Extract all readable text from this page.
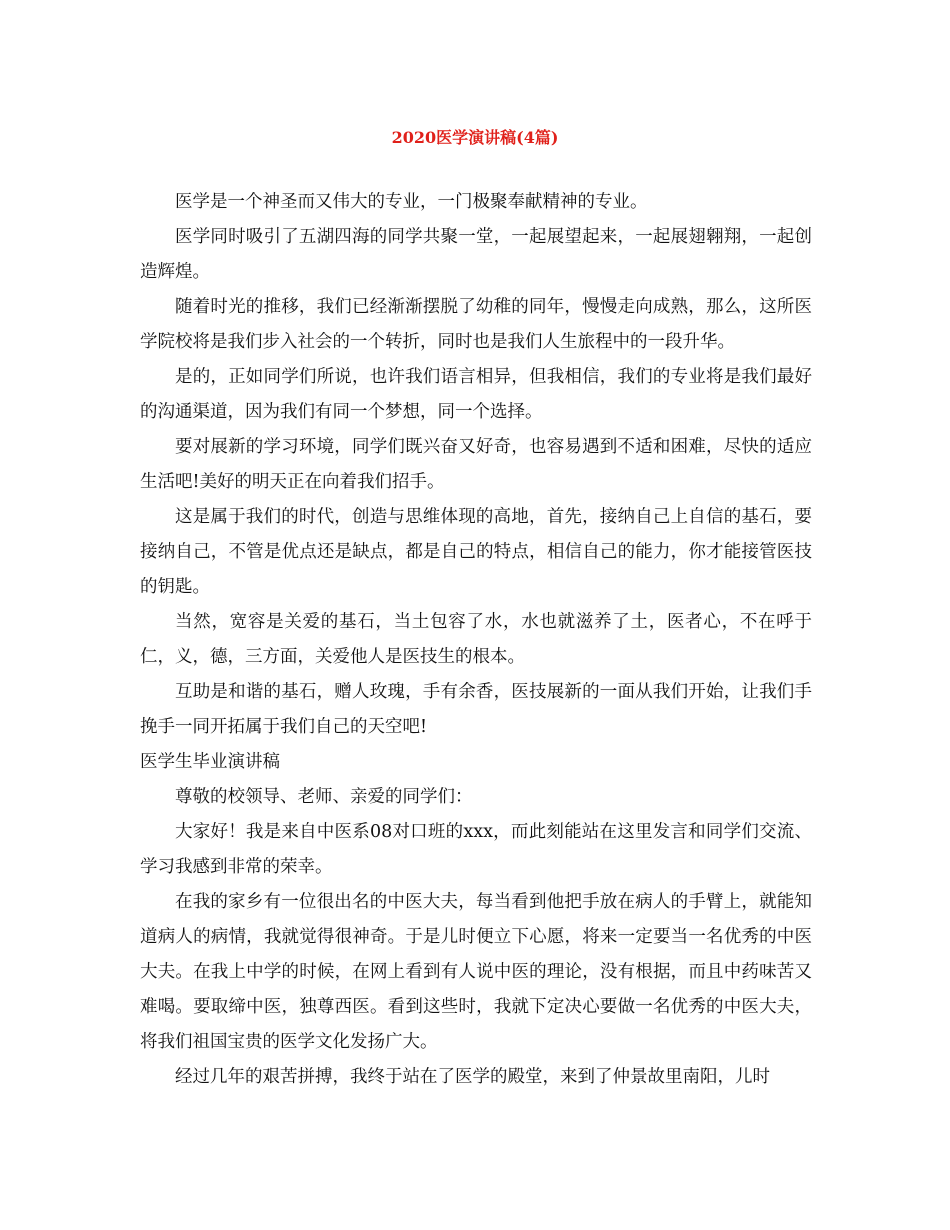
2020医学演讲稿(4篇)

医学是一个神圣而又伟大的专业，一门极聚奉献精神的专业。

医学同时吸引了五湖四海的同学共聚一堂，一起展望起来，一起展翅翱翔，一起创造辉煌。

随着时光的推移，我们已经渐渐摆脱了幼稚的同年，慢慢走向成熟，那么，这所医学院校将是我们步入社会的一个转折，同时也是我们人生旅程中的一段升华。

是的，正如同学们所说，也许我们语言相异，但我相信，我们的专业将是我们最好的沟通渠道，因为我们有同一个梦想，同一个选择。

要对展新的学习环境，同学们既兴奋又好奇，也容易遇到不适和困难，尽快的适应生活吧!美好的明天正在向着我们招手。

这是属于我们的时代，创造与思维体现的高地，首先，接纳自己上自信的基石，要接纳自己，不管是优点还是缺点，都是自己的特点，相信自己的能力，你才能接管医技的钥匙。

当然，宽容是关爱的基石，当土包容了水，水也就滋养了土，医者心，不在呼于仁，义，德，三方面，关爱他人是医技生的根本。

互助是和谐的基石，赠人玫瑰，手有余香，医技展新的一面从我们开始，让我们手挽手一同开拓属于我们自己的天空吧!

医学生毕业演讲稿

尊敬的校领导、老师、亲爱的同学们：

大家好！我是来自中医系08对口班的xxx，而此刻能站在这里发言和同学们交流、学习我感到非常的荣幸。

在我的家乡有一位很出名的中医大夫，每当看到他把手放在病人的手臂上，就能知道病人的病情，我就觉得很神奇。于是儿时便立下心愿，将来一定要当一名优秀的中医大夫。在我上中学的时候，在网上看到有人说中医的理论，没有根据，而且中药味苦又难喝。要取缔中医，独尊西医。看到这些时，我就下定决心要做一名优秀的中医大夫，将我们祖国宝贵的医学文化发扬广大。

经过几年的艰苦拼搏，我终于站在了医学的殿堂，来到了仲景故里南阳，儿时
